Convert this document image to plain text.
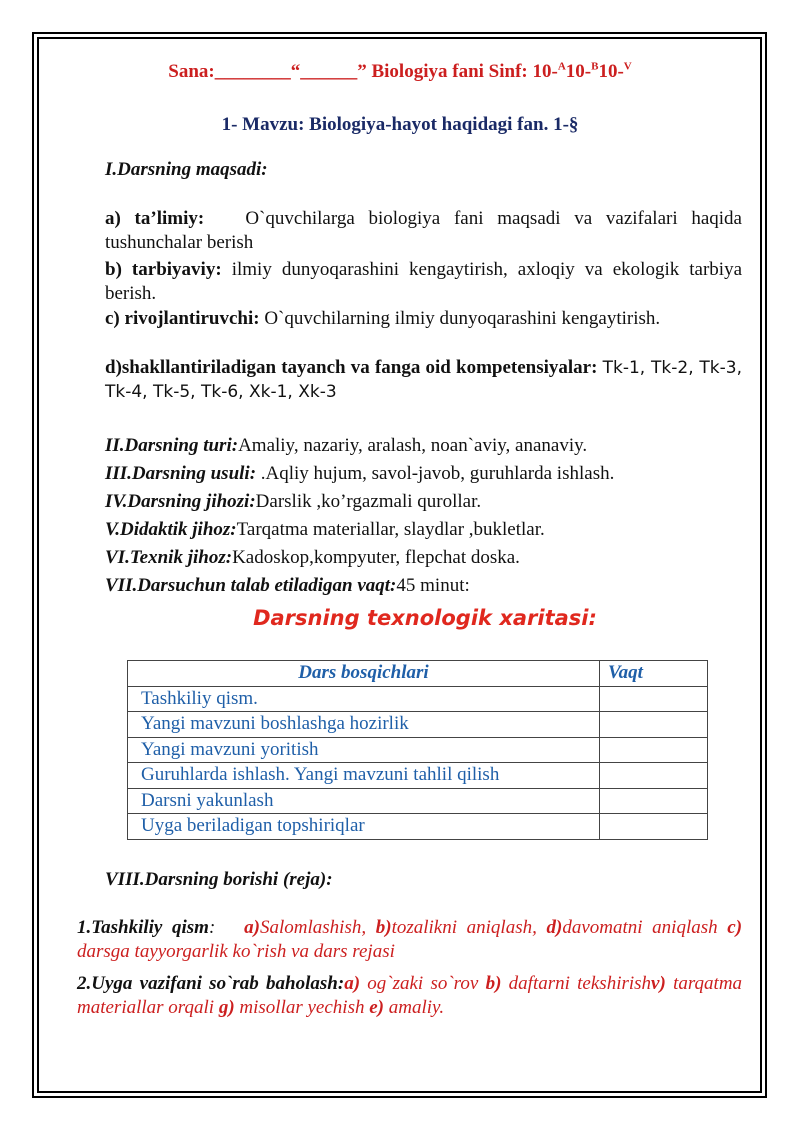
Sana:________“______” Biologiya fani Sinf: 10-$^A$10-$^B$10-$^V$
1- Mavzu: Biologiya-hayot haqidagi fan. 1-§
I.Darsning maqsadi:
a) ta’limiy: O`quvchilarga biologiya fani maqsadi va vazifalari haqida tushunchalar berish
b) tarbiyaviy: ilmiy dunyoqarashini kengaytirish, axloqiy va ekologik tarbiya berish.
c) rivojlantiruvchi: O`quvchilarning ilmiy dunyoqarashini kengaytirish.
d)shakllantiriladigan tayanch va fanga oid kompetensiyalar: Tk-1, Tk-2, Tk-3, Tk-4, Tk-5, Tk-6, Xk-1, Xk-3
II.Darsning turi:Amaliy, nazariy, aralash, noan`aviy, ananaviy.
III.Darsning usuli: .Aqliy hujum, savol-javob, guruhlarda ishlash.
IV.Darsning jihozi:Darslik ,ko’rgazmali qurollar.
V.Didaktik jihoz:Tarqatma materiallar, slaydlar ,bukletlar.
VI.Texnik jihoz:Kadoskop,kompyuter, flepchat doska.
VII.Darsuchun talab etiladigan vaqt:45 minut:
Darsning texnologik xaritasi:
Dars bosqichlari	Vaqt
Tashkiliy qism.	
Yangi mavzuni boshlashga hozirlik	
Yangi mavzuni yoritish	
Guruhlarda ishlash. Yangi mavzuni tahlil qilish	
Darsni yakunlash	
Uyga beriladigan topshiriqlar	
VIII.Darsning borishi (reja):
1.Tashkiliy qism: a)Salomlashish, b)tozalikni aniqlash, d)davomatni aniqlash c) darsga tayyorgarlik ko`rish va dars rejasi
2.Uyga vazifani so`rab baholash:a) og`zaki so`rov b) daftarni tekshirishv) tarqatma materiallar orqali g) misollar yechish e) amaliy.
